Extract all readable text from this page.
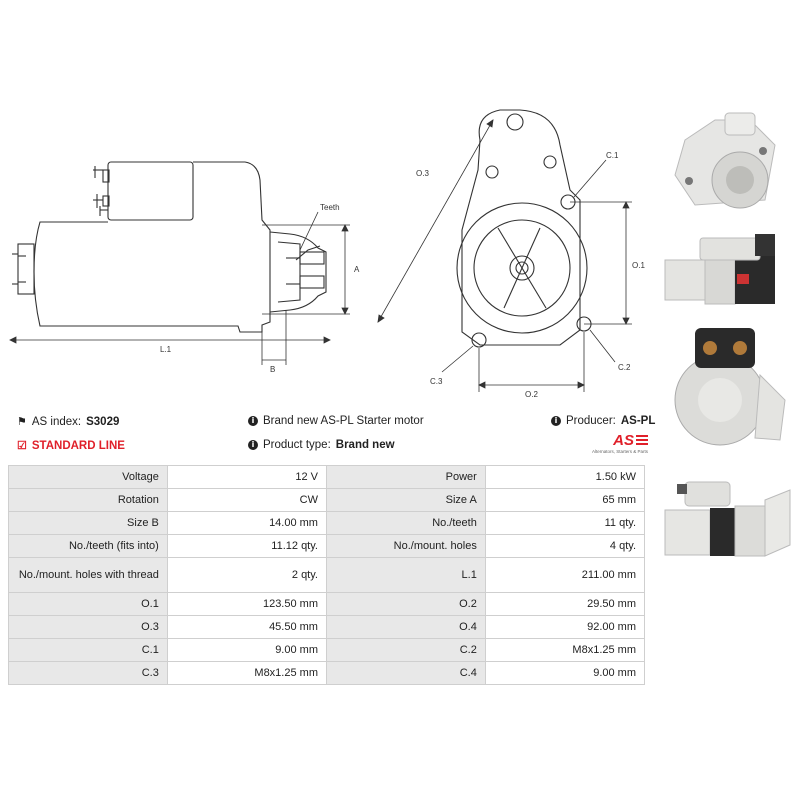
Teeth
A
L.1
B
O.3
C.1
O.1
C.2
C.3
O.2
⚑ AS index: S3029
☑ STANDARD LINE
i Brand new AS-PL Starter motor
i Product type: Brand new
i Producer: AS-PL
AS
Alternators, Starters & Parts
Voltage	12 V	Power	1.50 kW
Rotation	CW	Size A	65 mm
Size B	14.00 mm	No./teeth	11 qty.
No./teeth (fits into)	11.12 qty.	No./mount. holes	4 qty.
No./mount. holes with thread	2 qty.	L.1	211.00 mm
O.1	123.50 mm	O.2	29.50 mm
O.3	45.50 mm	O.4	92.00 mm
C.1	9.00 mm	C.2	M8x1.25 mm
C.3	M8x1.25 mm	C.4	9.00 mm
